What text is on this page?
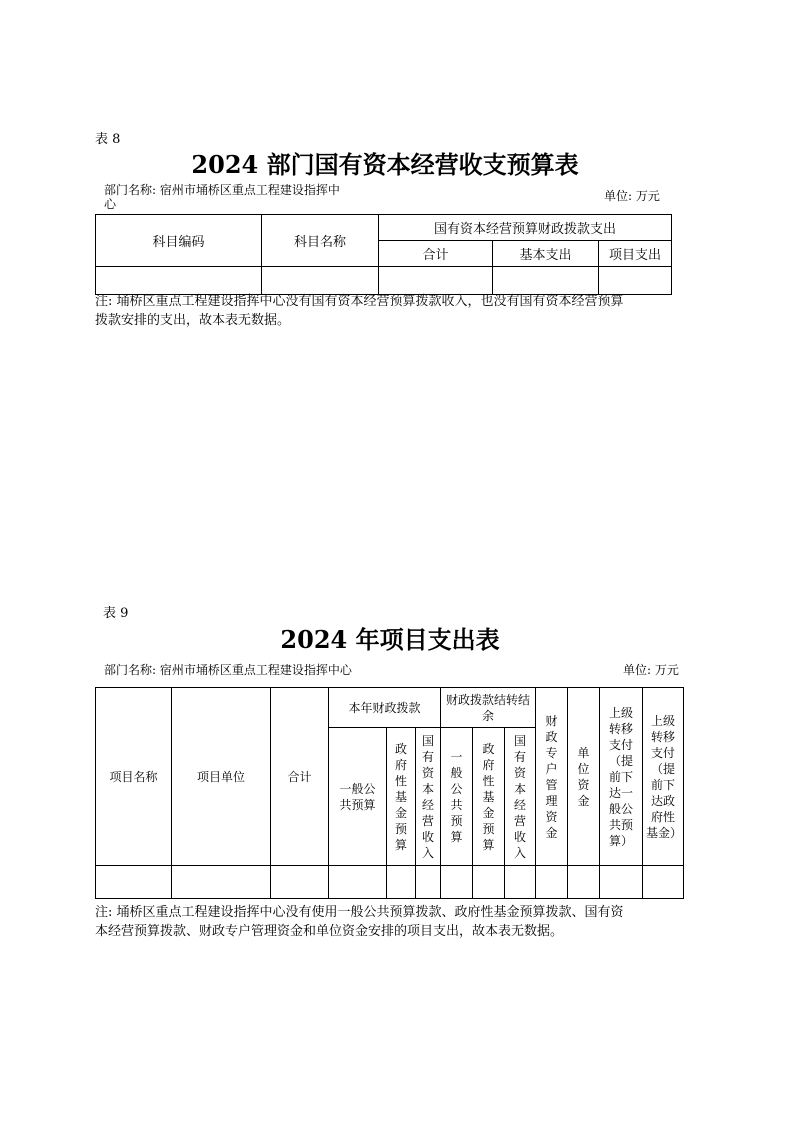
表 8
2024 部门国有资本经营收支预算表
部门名称: 宿州市埇桥区重点工程建设指挥中
心
单位: 万元
科目编码	科目名称	国有资本经营预算财政拨款支出		
		合计	基本支出	项目支出

注: 埇桥区重点工程建设指挥中心没有国有资本经营预算拨款收入，也没有国有资本经营预算
拨款安排的支出，故本表无数据。
表 9
2024 年项目支出表
部门名称: 宿州市埇桥区重点工程建设指挥中心	单位: 万元
项目名称	项目单位	合计	本年财政拨款			财政拨款结转结余			财政专户管理资金	单位资金	上级转移支付（提前下达一般公共预算）	上级转移支付（提前下达政府性基金）
			一般公共预算	政府性基金预算	国有资本经营收入	一般公共预算	政府性基金预算	国有资本经营收入				

注: 埇桥区重点工程建设指挥中心没有使用一般公共预算拨款、政府性基金预算拨款、国有资
本经营预算拨款、财政专户管理资金和单位资金安排的项目支出，故本表无数据。
